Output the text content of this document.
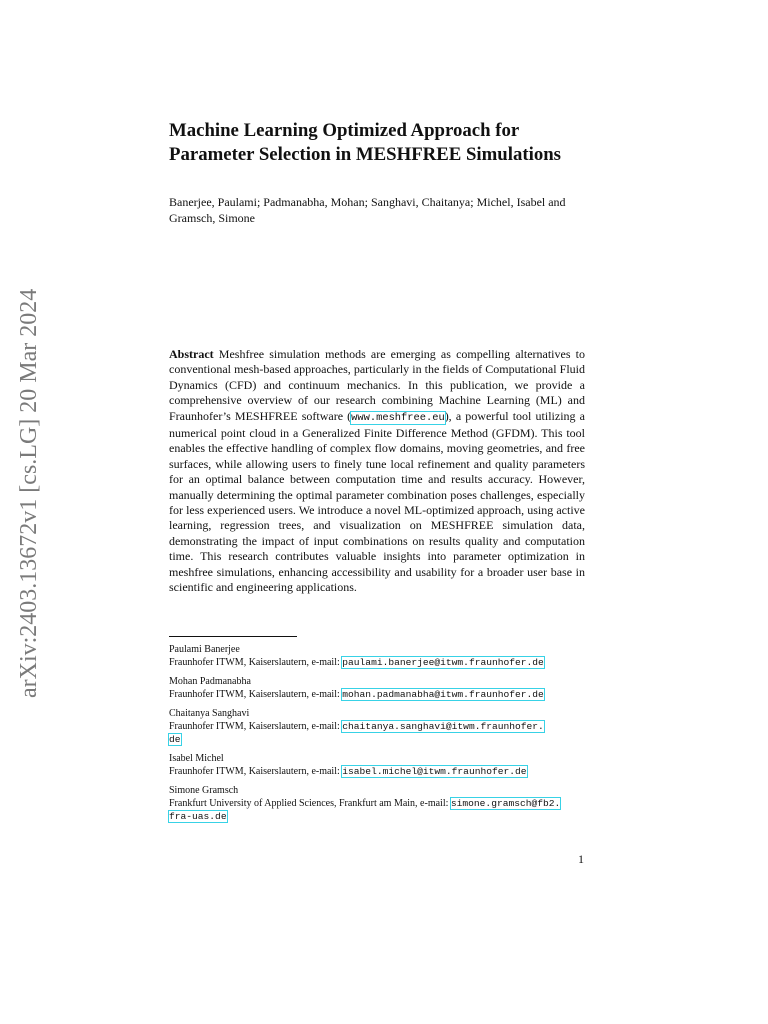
arXiv:2403.13672v1 [cs.LG] 20 Mar 2024
Machine Learning Optimized Approach for
Parameter Selection in MESHFREE Simulations
Banerjee, Paulami; Padmanabha, Mohan; Sanghavi, Chaitanya; Michel, Isabel and Gramsch, Simone
Abstract Meshfree simulation methods are emerging as compelling alternatives to conventional mesh-based approaches, particularly in the fields of Computational Fluid Dynamics (CFD) and continuum mechanics. In this publication, we provide a comprehensive overview of our research combining Machine Learning (ML) and Fraunhofer’s MESHFREE software (www.meshfree.eu), a powerful tool utilizing a numerical point cloud in a Generalized Finite Difference Method (GFDM). This tool enables the effective handling of complex flow domains, moving geometries, and free surfaces, while allowing users to finely tune local refinement and quality parameters for an optimal balance between computation time and results accuracy. However, manually determining the optimal parameter combination poses challenges, especially for less experienced users. We introduce a novel ML-optimized approach, using active learning, regression trees, and visualization on MESHFREE simulation data, demonstrating the impact of input combinations on results quality and computation time. This research contributes valuable insights into parameter optimization in meshfree simulations, enhancing accessibility and usability for a broader user base in scientific and engineering applications.
Paulami Banerjee
Fraunhofer ITWM, Kaiserslautern, e-mail: paulami.banerjee@itwm.fraunhofer.de
Mohan Padmanabha
Fraunhofer ITWM, Kaiserslautern, e-mail: mohan.padmanabha@itwm.fraunhofer.de
Chaitanya Sanghavi
Fraunhofer ITWM, Kaiserslautern, e-mail: chaitanya.sanghavi@itwm.fraunhofer.
de
Isabel Michel
Fraunhofer ITWM, Kaiserslautern, e-mail: isabel.michel@itwm.fraunhofer.de
Simone Gramsch
Frankfurt University of Applied Sciences, Frankfurt am Main, e-mail: simone.gramsch@fb2.
fra-uas.de
1
